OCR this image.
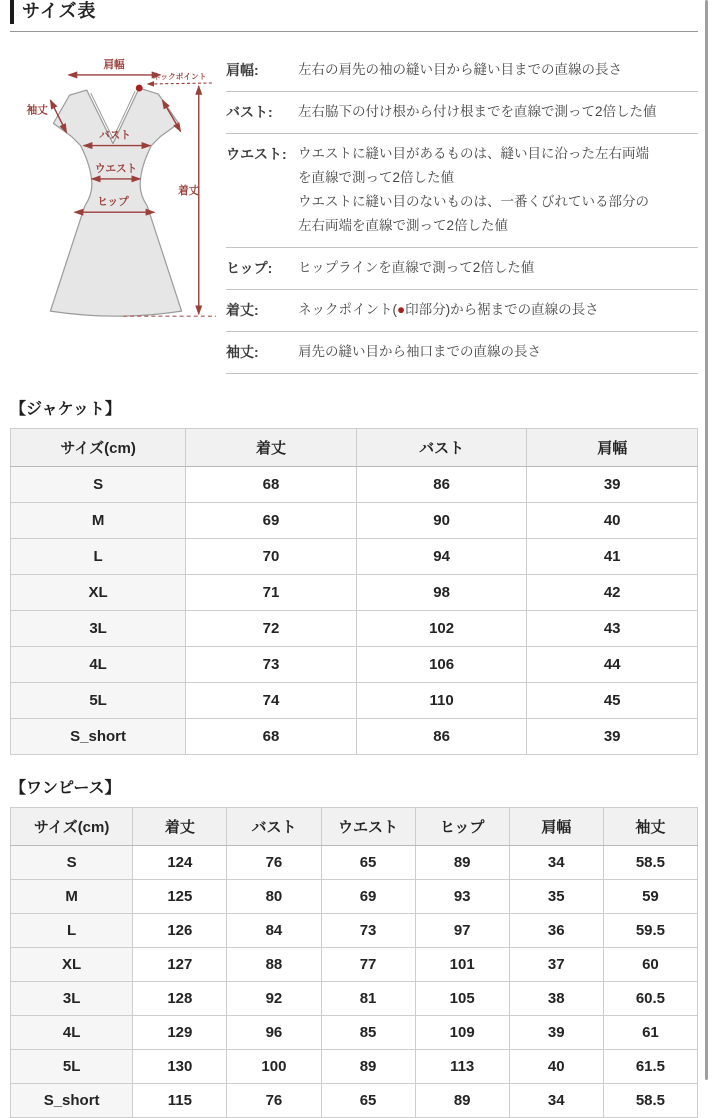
サイズ表
肩幅
ネックポイント
袖丈
バスト
ウエスト
ヒップ
着丈
肩幅:	左右の肩先の袖の縫い目から縫い目までの直線の長さ
バスト:	左右脇下の付け根から付け根までを直線で測って2倍した値
ウエスト: ウエストに縫い目があるものは、縫い目に沿った左右両端
を直線で測って2倍した値
ウエストに縫い目のないものは、一番くびれている部分の
左右両端を直線で測って2倍した値
ヒップ:	ヒップラインを直線で測って2倍した値
着丈:	ネックポイント(●印部分)から裾までの直線の長さ
袖丈:	肩先の縫い目から袖口までの直線の長さ
【ジャケット】
サイズ(cm)	着丈	バスト	肩幅
S	68	86	39
M	69	90	40
L	70	94	41
XL	71	98	42
3L	72	102	43
4L	73	106	44
5L	74	110	45
S_short	68	86	39
【ワンピース】
サイズ(cm)	着丈	バスト	ウエスト	ヒップ	肩幅	袖丈
S	124	76	65	89	34	58.5
M	125	80	69	93	35	59
L	126	84	73	97	36	59.5
XL	127	88	77	101	37	60
3L	128	92	81	105	38	60.5
4L	129	96	85	109	39	61
5L	130	100	89	113	40	61.5
S_short	115	76	65	89	34	58.5
